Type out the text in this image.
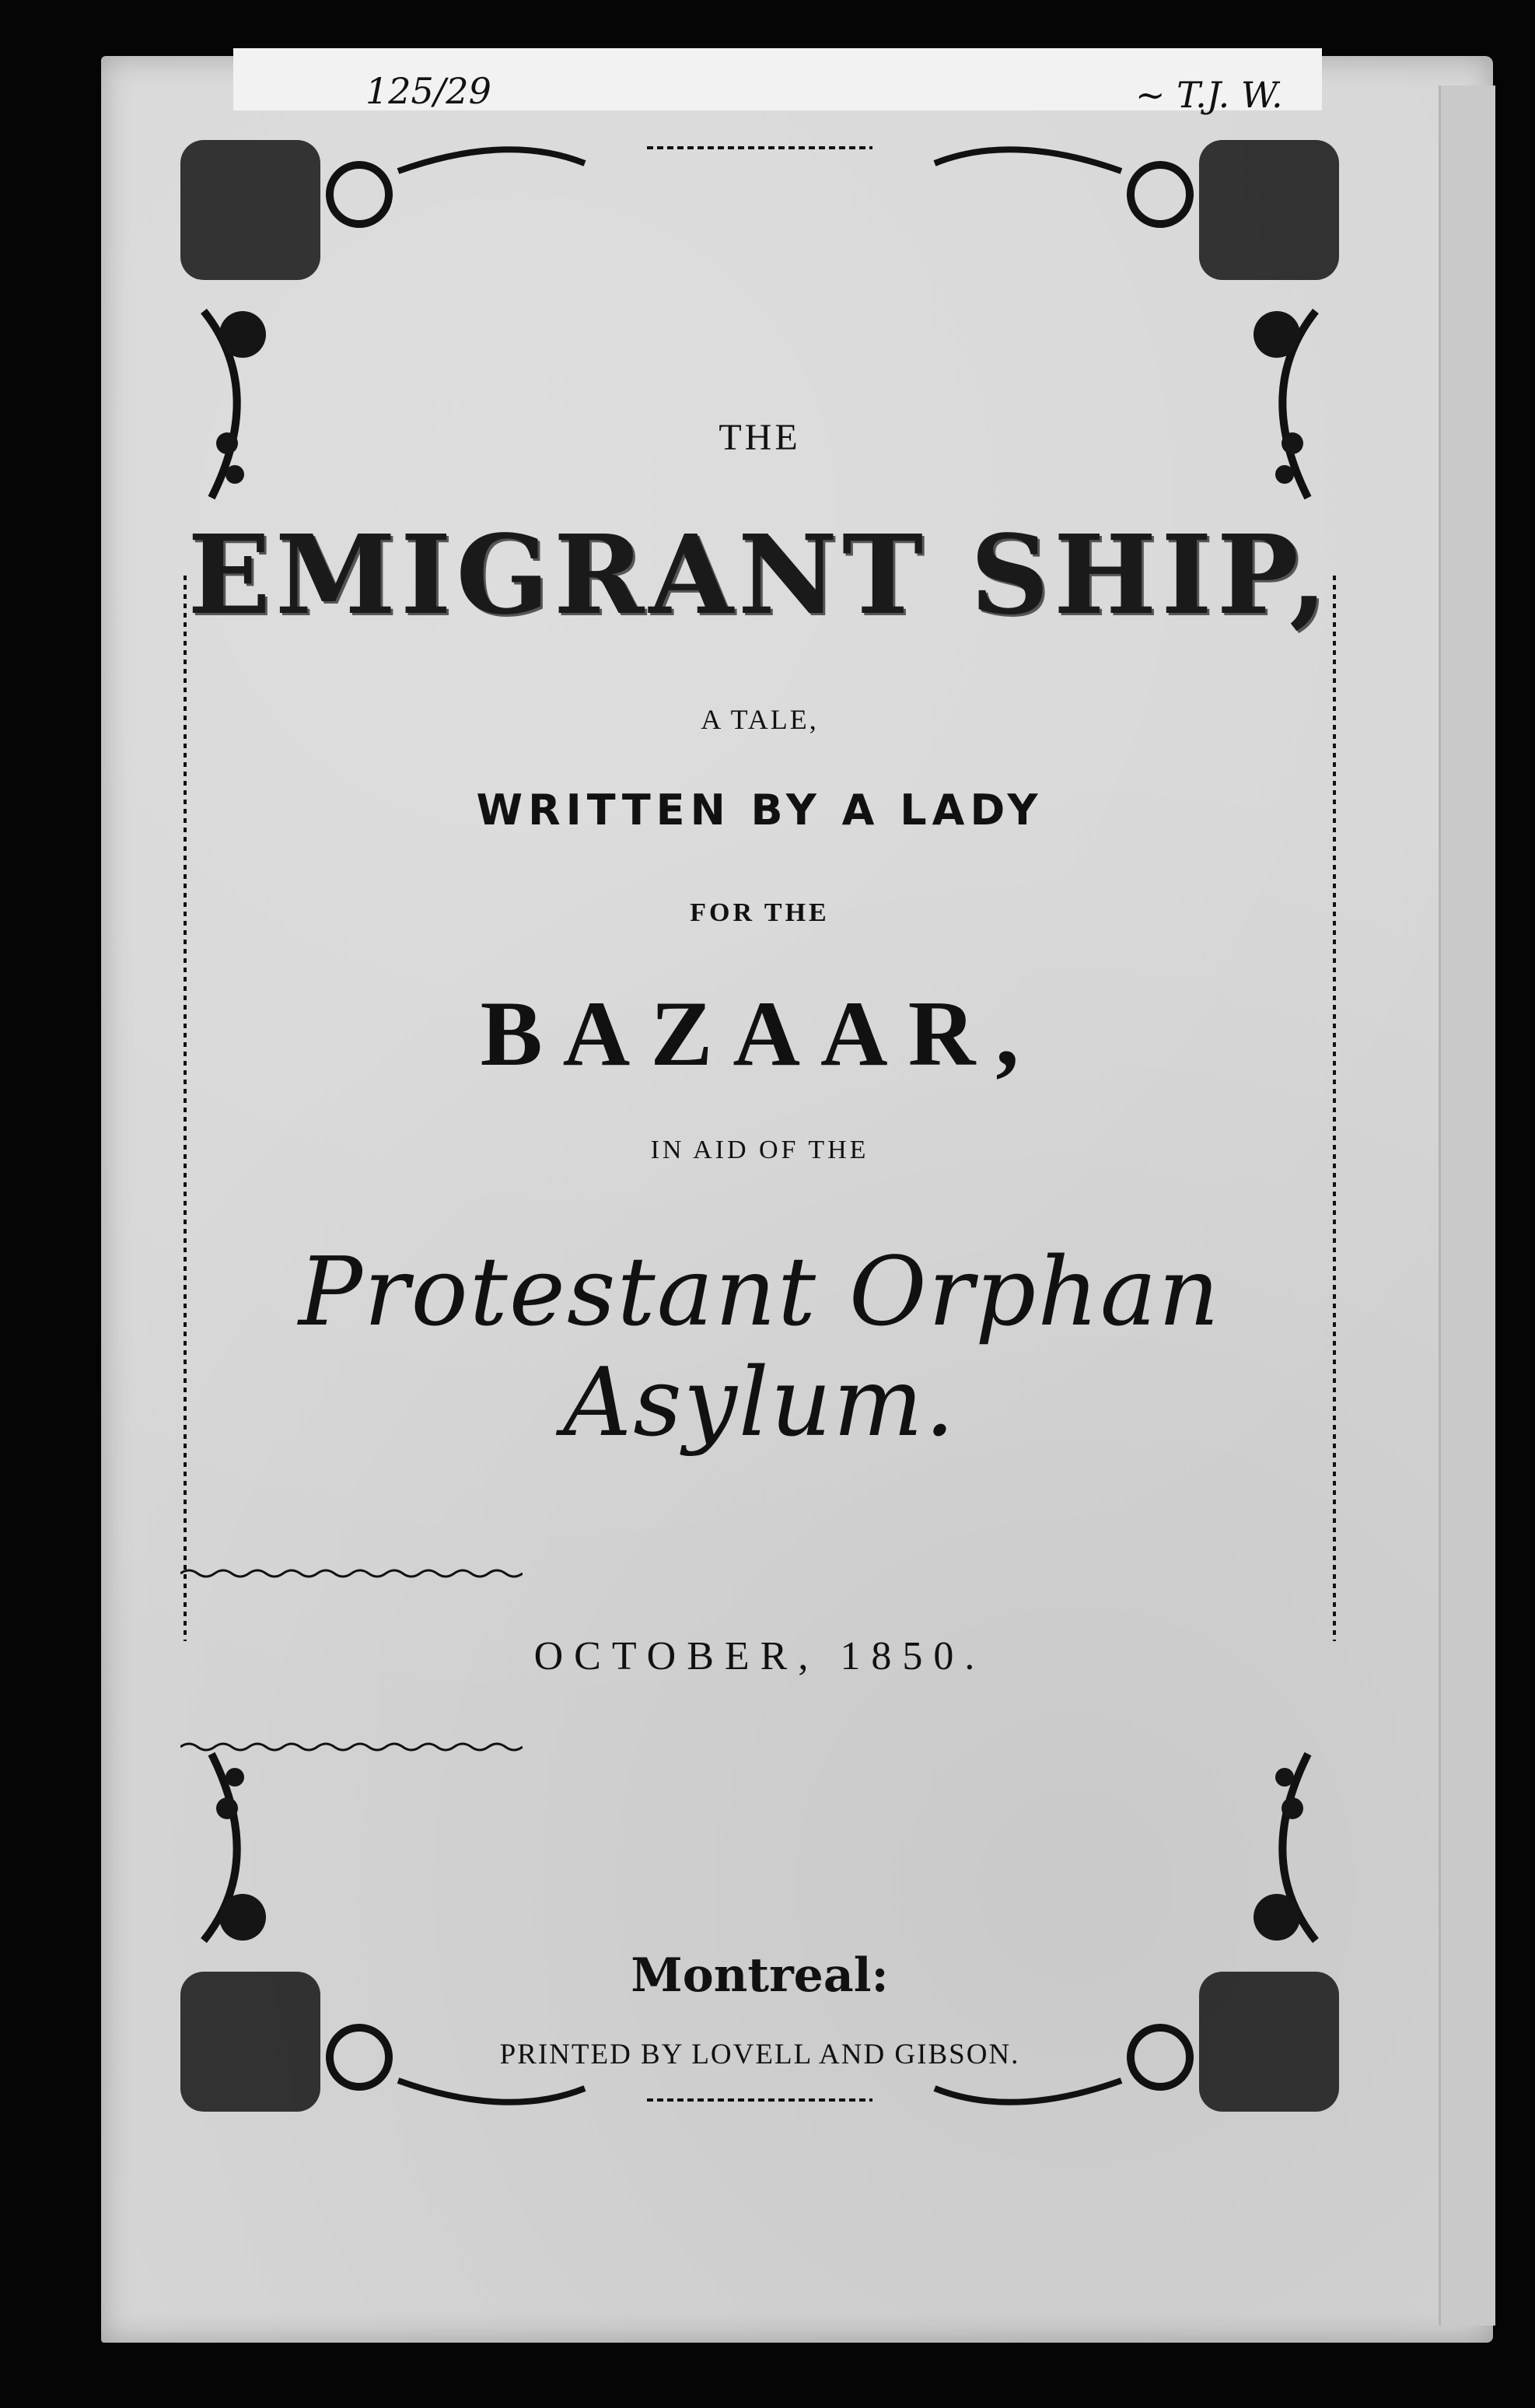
125/29	~ T.J. W.
THE
EMIGRANT SHIP,
A TALE,
WRITTEN BY A LADY
FOR THE
BAZAAR,
IN AID OF THE
Protestant Orphan Asylum.
OCTOBER, 1850.
Montreal:
PRINTED BY LOVELL AND GIBSON.
